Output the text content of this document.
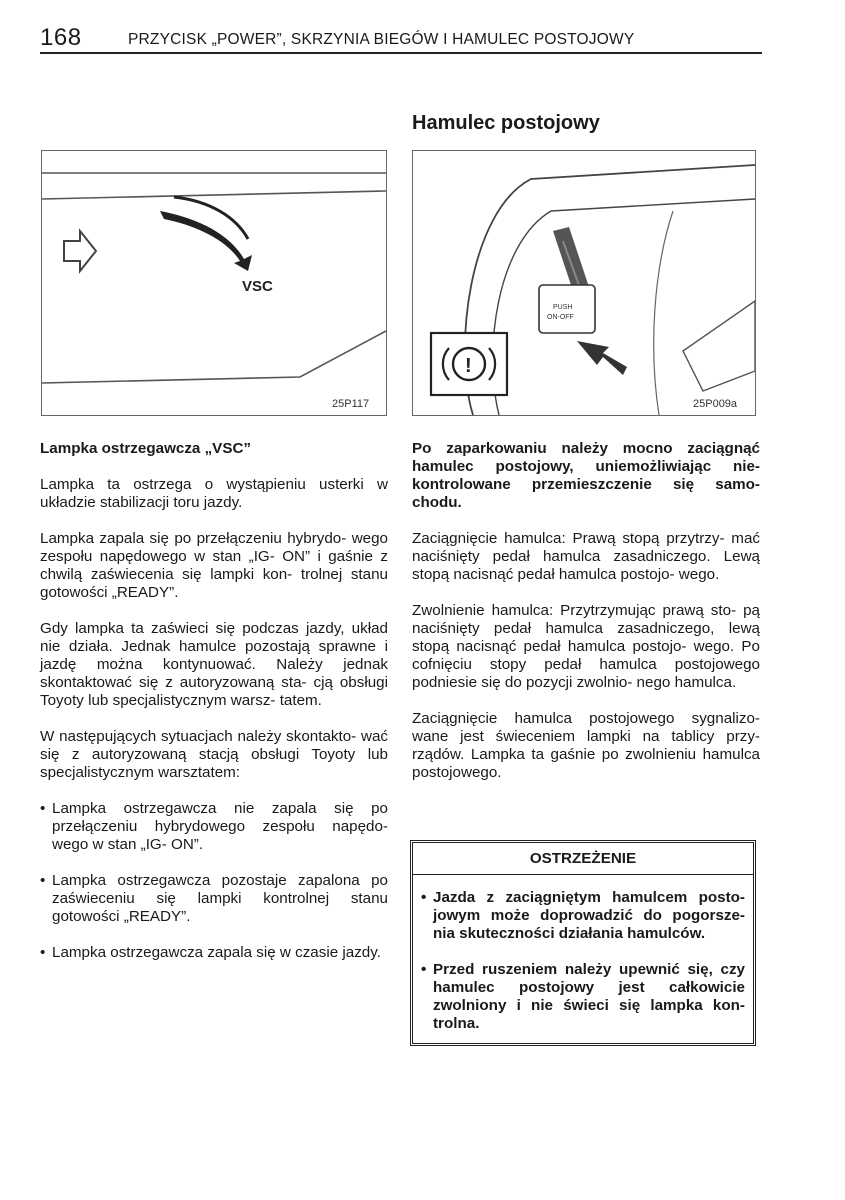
168	PRZYCISK „POWER”, SKRZYNIA BIEGÓW I HAMULEC POSTOJOWY
VSC
25P117
Hamulec postojowy
PUSH
ON-OFF
!
25P009a
Lampka ostrzegawcza „VSC”

Lampka ta ostrzega o wystąpieniu usterki w układzie stabilizacji toru jazdy.

Lampka zapala się po przełączeniu hybrydo- wego zespołu napędowego w stan „IG- ON” i gaśnie z chwilą zaświecenia się lampki kon- trolnej stanu gotowości „READY”.

Gdy lampka ta zaświeci się podczas jazdy, układ nie działa. Jednak hamulce pozostają sprawne i jazdę można kontynuować. Należy jednak skontaktować się z autoryzowaną sta- cją obsługi Toyoty lub specjalistycznym warsz- tatem.

W następujących sytuacjach należy skontakto- wać się z autoryzowaną stacją obsługi Toyoty lub specjalistycznym warsztatem:

• Lampka ostrzegawcza nie zapala się po przełączeniu hybrydowego zespołu napędo- wego w stan „IG- ON”.
• Lampka ostrzegawcza pozostaje zapalona po zaświeceniu się lampki kontrolnej stanu gotowości „READY”.
• Lampka ostrzegawcza zapala się w czasie jazdy.

Po zaparkowaniu należy mocno zaciągnąć hamulec postojowy, uniemożliwiając nie- kontrolowane przemieszczenie się samo- chodu.

Zaciągnięcie hamulca: Prawą stopą przytrzy- mać naciśnięty pedał hamulca zasadniczego. Lewą stopą nacisnąć pedał hamulca postojo- wego.

Zwolnienie hamulca: Przytrzymując prawą sto- pą naciśnięty pedał hamulca zasadniczego, lewą stopą nacisnąć pedał hamulca postojo- wego. Po cofnięciu stopy pedał hamulca postojowego podniesie się do pozycji zwolnio- nego hamulca.

Zaciągnięcie hamulca postojowego sygnalizo- wane jest świeceniem lampki na tablicy przy- rządów. Lampka ta gaśnie po zwolnieniu hamulca postojowego.

OSTRZEŻENIE
• Jazda z zaciągniętym hamulcem posto- jowym może doprowadzić do pogorsze- nia skuteczności działania hamulców.
• Przed ruszeniem należy upewnić się, czy hamulec postojowy jest całkowicie zwolniony i nie świeci się lampka kon- trolna.
